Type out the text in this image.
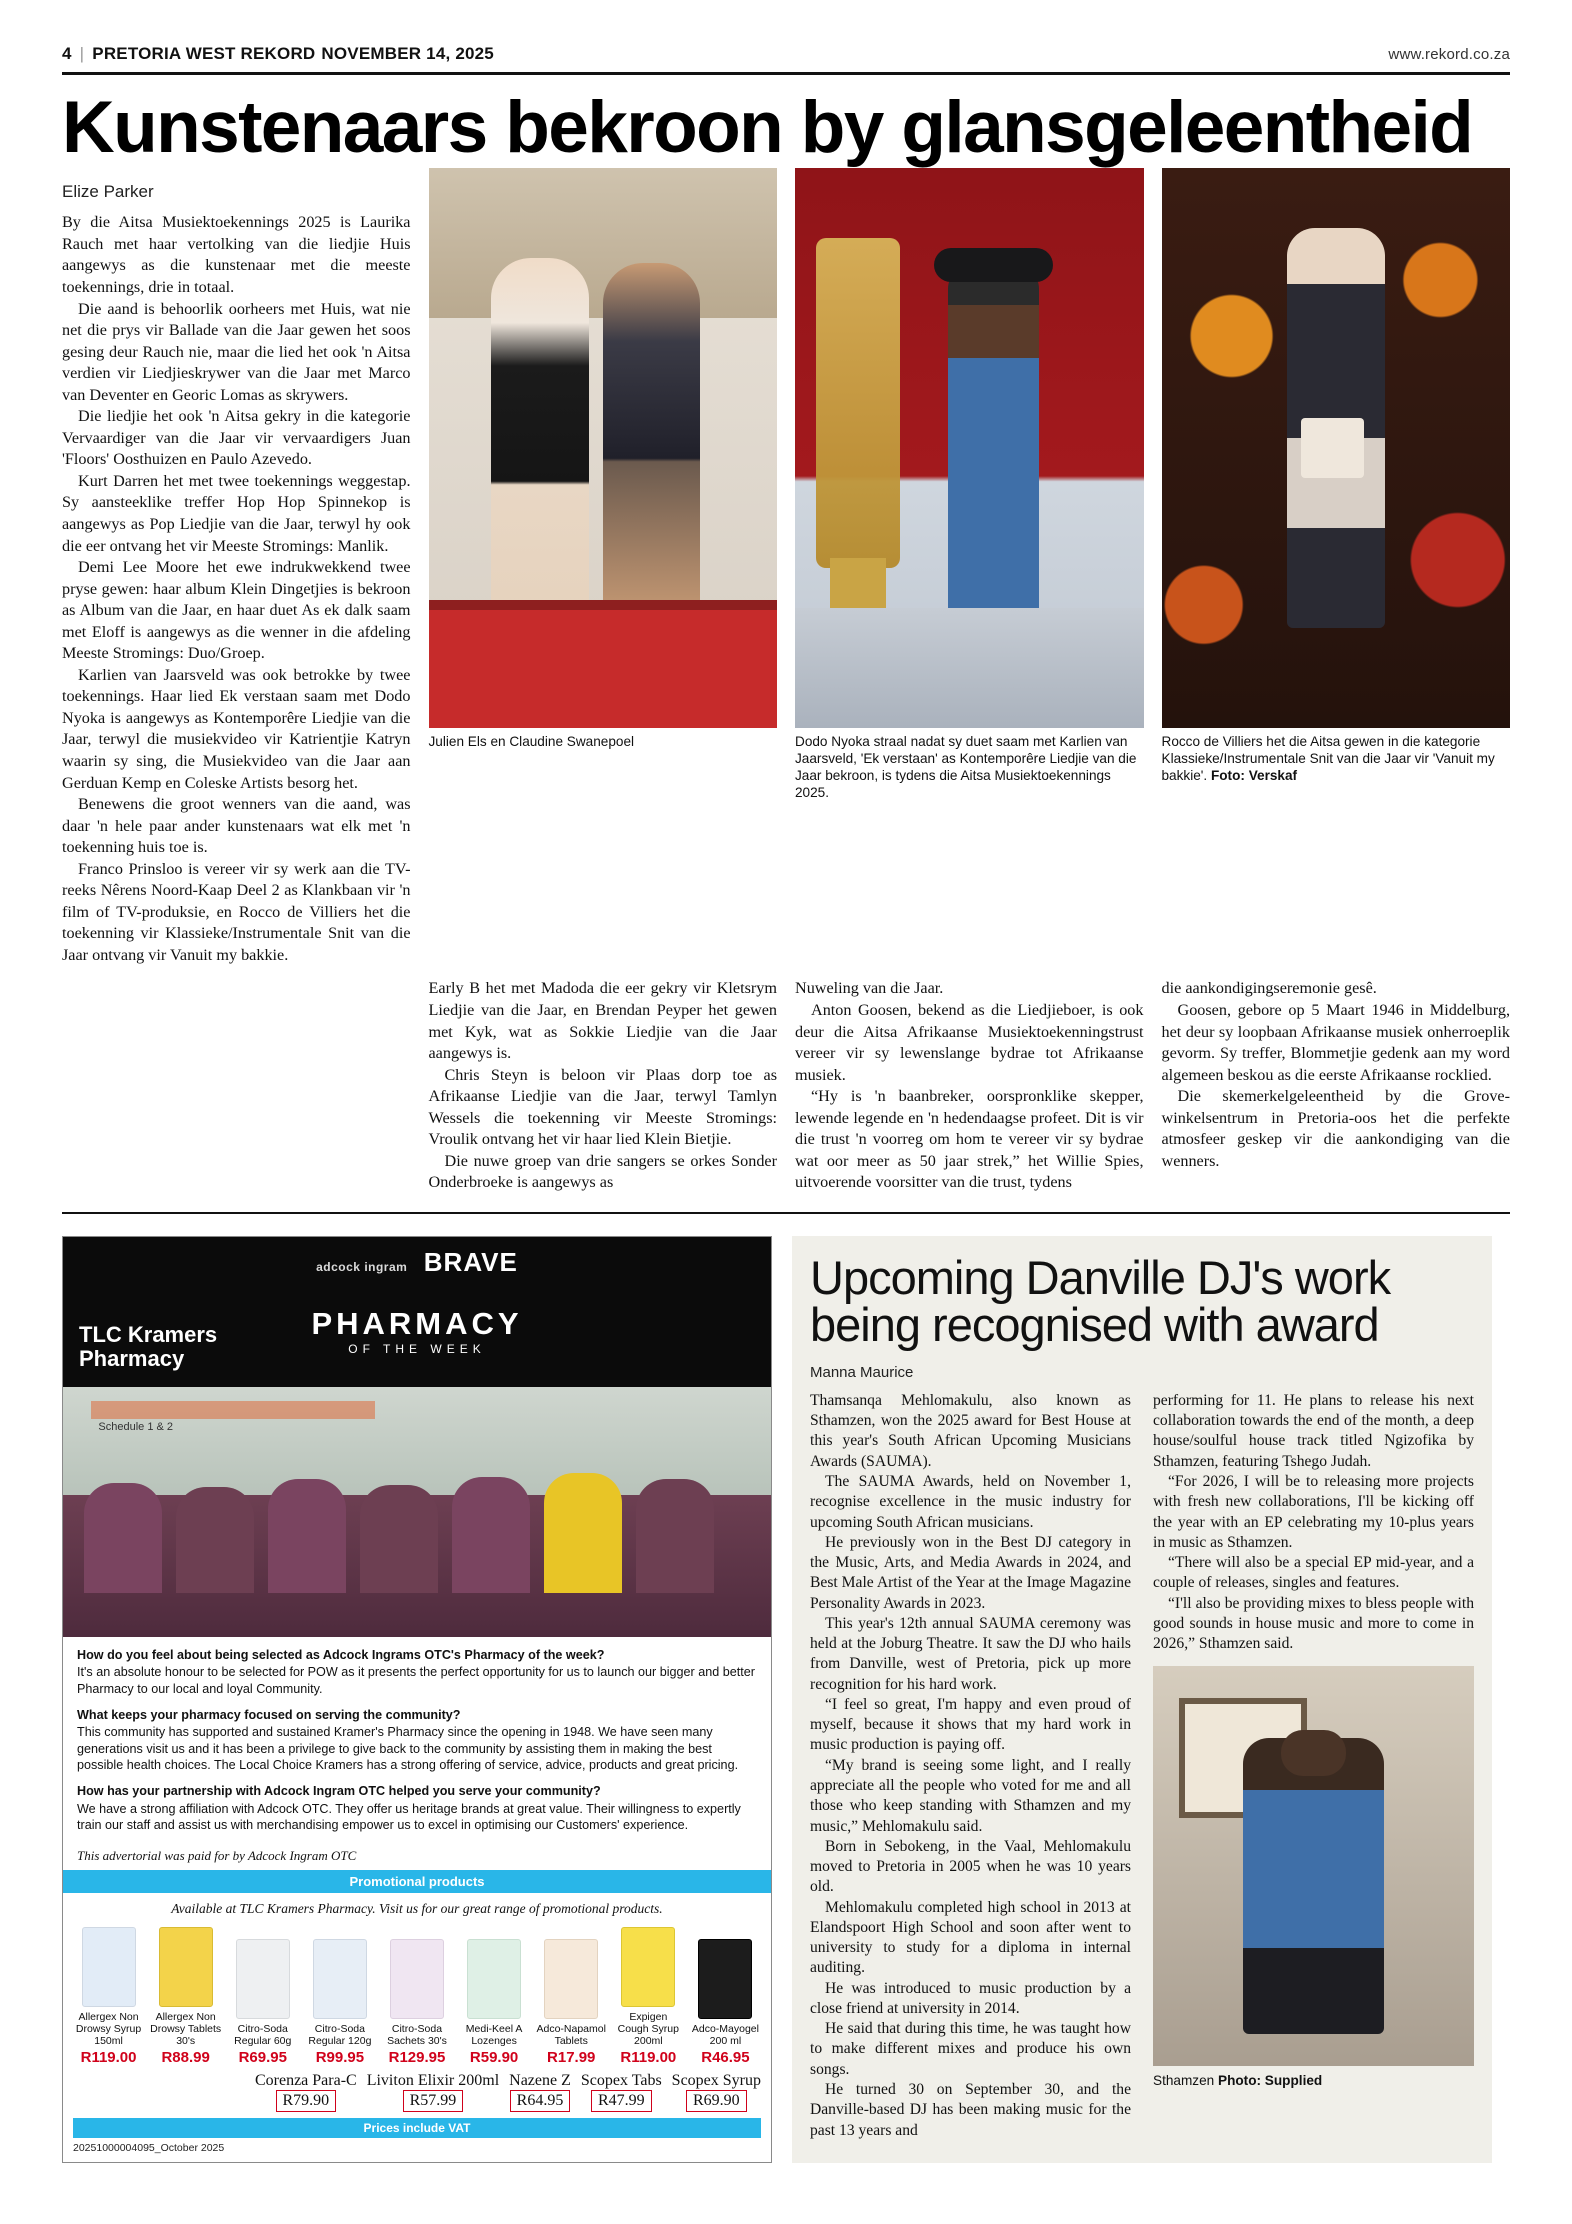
4 | PRETORIA WEST REKORD NOVEMBER 14, 2025	www.rekord.co.za
Kunstenaars bekroon by glansgeleentheid
Elize Parker

By die Aitsa Musiektoekennings 2025 is Laurika Rauch met haar vertolking van die liedjie Huis aangewys as die kunstenaar met die meeste toekennings, drie in totaal.

Die aand is behoorlik oorheers met Huis, wat nie net die prys vir Ballade van die Jaar gewen het soos gesing deur Rauch nie, maar die lied het ook 'n Aitsa verdien vir Liedjieskrywer van die Jaar met Marco van Deventer en Georic Lomas as skrywers.

Die liedjie het ook 'n Aitsa gekry in die kategorie Vervaardiger van die Jaar vir vervaardigers Juan 'Floors' Oosthuizen en Paulo Azevedo.

Kurt Darren het met twee toekennings weggestap. Sy aansteeklike treffer Hop Hop Spinnekop is aangewys as Pop Liedjie van die Jaar, terwyl hy ook die eer ontvang het vir Meeste Stromings: Manlik.

Demi Lee Moore het ewe indrukwekkend twee pryse gewen: haar album Klein Dingetjies is bekroon as Album van die Jaar, en haar duet As ek dalk saam met Eloff is aangewys as die wenner in die afdeling Meeste Stromings: Duo/Groep.

Karlien van Jaarsveld was ook betrokke by twee toekennings. Haar lied Ek verstaan saam met Dodo Nyoka is aangewys as Kontemporêre Liedjie van die Jaar, terwyl die musiekvideo vir Katrientjie Katryn waarin sy sing, die Musiekvideo van die Jaar aan Gerduan Kemp en Coleske Artists besorg het.

Benewens die groot wenners van die aand, was daar 'n hele paar ander kunstenaars wat elk met 'n toekenning huis toe is.

Franco Prinsloo is vereer vir sy werk aan die TV-reeks Nêrens Noord-Kaap Deel 2 as Klankbaan vir 'n film of TV-produksie, en Rocco de Villiers het die toekenning vir Klassieke/Instrumentale Snit van die Jaar ontvang vir Vanuit my bakkie.

Julien Els en Claudine Swanepoel	Dodo Nyoka straal nadat sy duet saam met Karlien van Jaarsveld, 'Ek verstaan' as Kontemporêre Liedjie van die Jaar bekroon, is tydens die Aitsa Musiektoekennings 2025.
Rocco de Villiers het die Aitsa gewen in die kategorie Klassieke/Instrumentale Snit van die Jaar vir 'Vanuit my bakkie'. Foto: Verskaf

Early B het met Madoda die eer gekry vir Kletsrym Liedjie van die Jaar, en Brendan Peyper het gewen met Kyk, wat as Sokkie Liedjie van die Jaar aangewys is.

Chris Steyn is beloon vir Plaas dorp toe as Afrikaanse Liedjie van die Jaar, terwyl Tamlyn Wessels die toekenning vir Meeste Stromings: Vroulik ontvang het vir haar lied Klein Bietjie.

Die nuwe groep van drie sangers se orkes Sonder Onderbroeke is aangewys as

Nuweling van die Jaar.

Anton Goosen, bekend as die Liedjieboer, is ook deur die Aitsa Afrikaanse Musiektoekenningstrust vereer vir sy lewenslange bydrae tot Afrikaanse musiek.

“Hy is 'n baanbreker, oorspronklike skepper, lewende legende en 'n hedendaagse profeet. Dit is vir die trust 'n voorreg om hom te vereer vir sy bydrae wat oor meer as 50 jaar strek,” het Willie Spies, uitvoerende voorsitter van die trust, tydens

die aankondigingseremonie gesê.

Goosen, gebore op 5 Maart 1946 in Middelburg, het deur sy loopbaan Afrikaanse musiek onherroeplik gevorm. Sy treffer, Blommetjie gedenk aan my word algemeen beskou as die eerste Afrikaanse rocklied.

Die skemerkelgeleentheid by die Grove-winkelsentrum in Pretoria-oos het die perfekte atmosfeer geskep vir die aankondiging van die wenners.

adcock ingram BRAVE
PHARMACY
OF THE WEEK
TLC Kramers
Pharmacy
Schedule 1 & 2
How do you feel about being selected as Adcock Ingrams OTC's Pharmacy of the week?
It's an absolute honour to be selected for POW as it presents the perfect opportunity for us to launch our bigger and better Pharmacy to our local and loyal Community.
What keeps your pharmacy focused on serving the community?
This community has supported and sustained Kramer's Pharmacy since the opening in 1948. We have seen many generations visit us and it has been a privilege to give back to the community by assisting them in making the best possible health choices. The Local Choice Kramers has a strong offering of service, advice, products and great pricing.
How has your partnership with Adcock Ingram OTC helped you serve your community?
We have a strong affiliation with Adcock OTC. They offer us heritage brands at great value. Their willingness to expertly train our staff and assist us with merchandising empower us to excel in optimising our Customers' experience.
This advertorial was paid for by Adcock Ingram OTC
Promotional products
Available at TLC Kramers Pharmacy. Visit us for our great range of promotional products.
Allergex Non Drowsy Syrup 150ml
R119.00
Allergex Non Drowsy Tablets 30's
R88.99
Citro-Soda Regular 60g
R69.95
Citro-Soda Regular 120g
R99.95
Citro-Soda Sachets 30's
R129.95
Medi-Keel A Lozenges
R59.90
Adco-Napamol Tablets
R17.99
Expigen Cough Syrup 200ml
R119.00
Adco-Mayogel 200 ml
R46.95
Corenza Para-C
R79.90
Liviton Elixir 200ml
R57.99
Nazene Z
R64.95
Scopex Tabs
R47.99
Scopex Syrup
R69.90
Prices include VAT
20251000004095_October 2025
Upcoming Danville DJ's work being recognised with award
Manna Maurice

Thamsanqa Mehlomakulu, also known as Sthamzen, won the 2025 award for Best House at this year's South African Upcoming Musicians Awards (SAUMA).

The SAUMA Awards, held on November 1, recognise excellence in the music industry for upcoming South African musicians.

He previously won in the Best DJ category in the Music, Arts, and Media Awards in 2024, and Best Male Artist of the Year at the Image Magazine Personality Awards in 2023.

This year's 12th annual SAUMA ceremony was held at the Joburg Theatre. It saw the DJ who hails from Danville, west of Pretoria, pick up more recognition for his hard work.

“I feel so great, I'm happy and even proud of myself, because it shows that my hard work in music production is paying off.

“My brand is seeing some light, and I really appreciate all the people who voted for me and all those who keep standing with Sthamzen and my music,” Mehlomakulu said.

Born in Sebokeng, in the Vaal, Mehlomakulu moved to Pretoria in 2005 when he was 10 years old.

Mehlomakulu completed high school in 2013 at Elandspoort High School and soon after went to university to study for a diploma in internal auditing.

He was introduced to music production by a close friend at university in 2014.

He said that during this time, he was taught how to make different mixes and produce his own songs.

He turned 30 on September 30, and the Danville-based DJ has been making music for the past 13 years and

performing for 11. He plans to release his next collaboration towards the end of the month, a deep house/soulful house track titled Ngizofika by Sthamzen, featuring Tshego Judah.

“For 2026, I will be to releasing more projects with fresh new collaborations, I'll be kicking off the year with an EP celebrating my 10-plus years in music as Sthamzen.

“There will also be a special EP mid-year, and a couple of releases, singles and features.

“I'll also be providing mixes to bless people with good sounds in house music and more to come in 2026,” Sthamzen said.

Sthamzen Photo: Supplied
